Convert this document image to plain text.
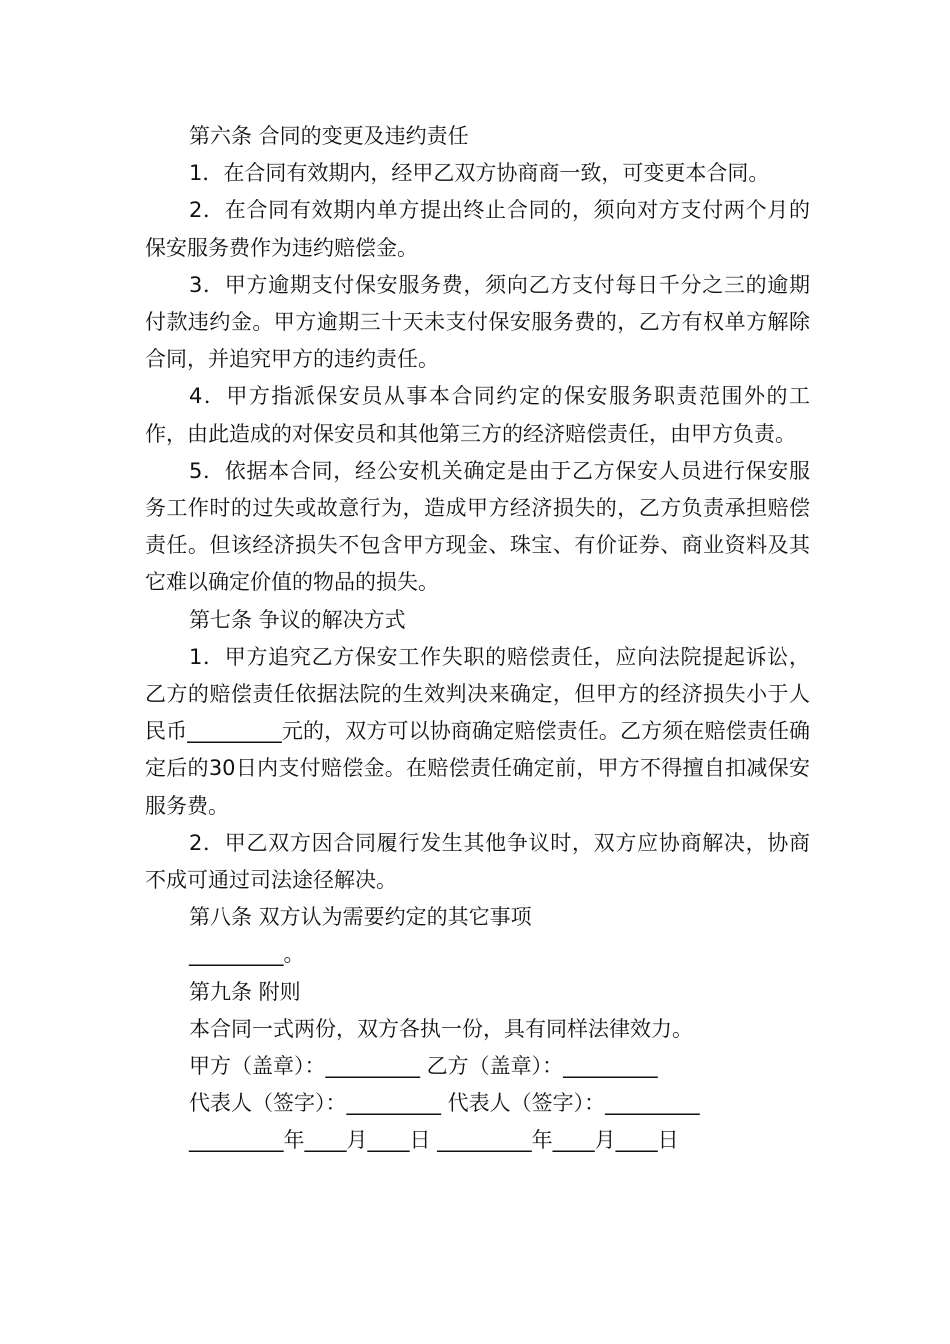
第六条 合同的变更及违约责任

1．在合同有效期内，经甲乙双方协商商一致，可变更本合同。

2．在合同有效期内单方提出终止合同的，须向对方支付两个月的保安服务费作为违约赔偿金。

3．甲方逾期支付保安服务费，须向乙方支付每日千分之三的逾期付款违约金。甲方逾期三十天未支付保安服务费的，乙方有权单方解除合同，并追究甲方的违约责任。

4．甲方指派保安员从事本合同约定的保安服务职责范围外的工作，由此造成的对保安员和其他第三方的经济赔偿责任，由甲方负责。

5．依据本合同，经公安机关确定是由于乙方保安人员进行保安服务工作时的过失或故意行为，造成甲方经济损失的，乙方负责承担赔偿责任。但该经济损失不包含甲方现金、珠宝、有价证券、商业资料及其它难以确定价值的物品的损失。

第七条 争议的解决方式

1．甲方追究乙方保安工作失职的赔偿责任，应向法院提起诉讼，乙方的赔偿责任依据法院的生效判决来确定，但甲方的经济损失小于人民币_________元的，双方可以协商确定赔偿责任。乙方须在赔偿责任确定后的30日内支付赔偿金。在赔偿责任确定前，甲方不得擅自扣减保安服务费。

2．甲乙双方因合同履行发生其他争议时，双方应协商解决，协商不成可通过司法途径解决。

第八条 双方认为需要约定的其它事项

_________。

第九条 附则

本合同一式两份，双方各执一份，具有同样法律效力。

甲方（盖章）：_________ 乙方（盖章）：_________

代表人（签字）：_________ 代表人（签字）：_________

_________年____月____日 _________年____月____日
